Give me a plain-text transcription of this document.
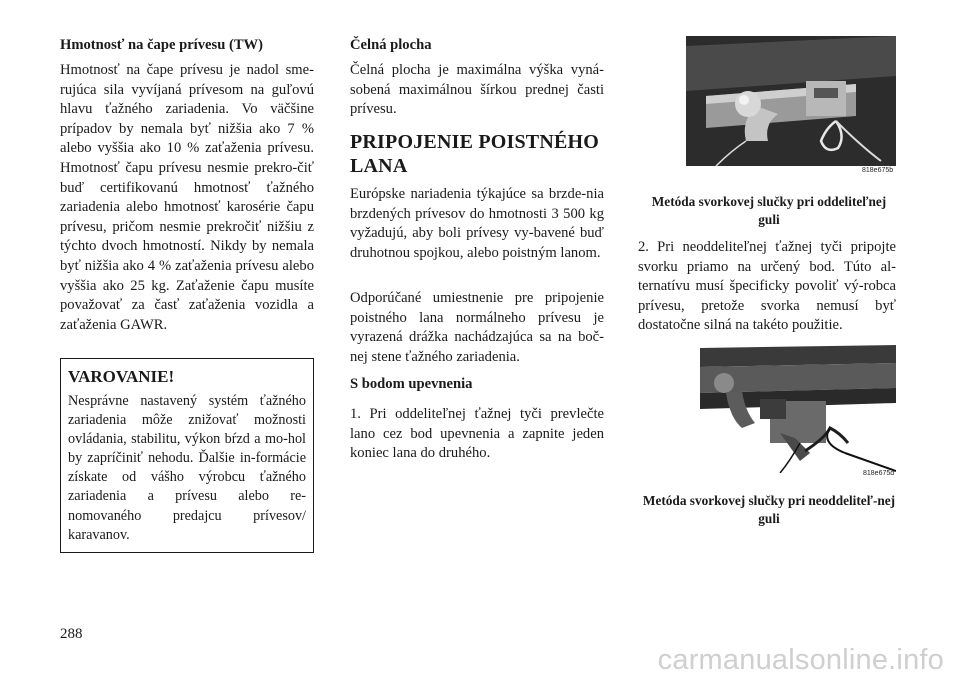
Hmotnosť na čape prívesu (TW)

Hmotnosť na čape prívesu je nadol sme-rujúca sila vyvíjaná prívesom na guľovú hlavu ťažného zariadenia. Vo väčšine prípadov by nemala byť nižšia ako 7 % alebo vyššia ako 10 % zaťaženia prívesu. Hmotnosť čapu prívesu nesmie prekro-čiť buď certifikovanú hmotnosť ťažného zariadenia alebo hmotnosť karosérie čapu prívesu, pričom nesmie prekročiť nižšiu z týchto dvoch hmotností. Nikdy by nemala byť nižšia ako 4 % zaťaženia prívesu alebo vyššia ako 25 kg. Zaťaženie čapu musíte považovať za časť zaťaženia vozidla a zaťaženia GAWR.

VAROVANIE!

Nesprávne nastavený systém ťažného zariadenia môže znižovať možnosti ovládania, stabilitu, výkon bŕzd a mo-hol by zapríčiniť nehodu. Ďalšie in-formácie získate od vášho výrobcu ťažného zariadenia a prívesu alebo re-nomovaného predajcu prívesov/ karavanov.

Čelná plocha

Čelná plocha je maximálna výška vyná-sobená maximálnou šírkou prednej časti prívesu.

PRIPOJENIE POISTNÉHO LANA

Európske nariadenia týkajúce sa brzde-nia brzdených prívesov do hmotnosti 3 500 kg vyžadujú, aby boli prívesy vy-bavené buď druhotnou spojkou, alebo poistným lanom.

Odporúčané umiestnenie pre pripojenie poistného lana normálneho prívesu je vyrazená drážka nachádzajúca sa na boč-nej stene ťažného zariadenia.

S bodom upevnenia

1. Pri oddeliteľnej ťažnej tyči prevlečte lano cez bod upevnenia a zapnite jeden koniec lana do druhého.

818e675b
Metóda svorkovej slučky pri oddeliteľnej guli

2. Pri neoddeliteľnej ťažnej tyči pripojte svorku priamo na určený bod. Túto al-ternatívu musí špecificky povoliť vý-robca prívesu, pretože svorka nemusí byť dostatočne silná na takéto použitie.

818e675d
Metóda svorkovej slučky pri neoddeliteľ-nej guli
288
carmanualsonline.info
